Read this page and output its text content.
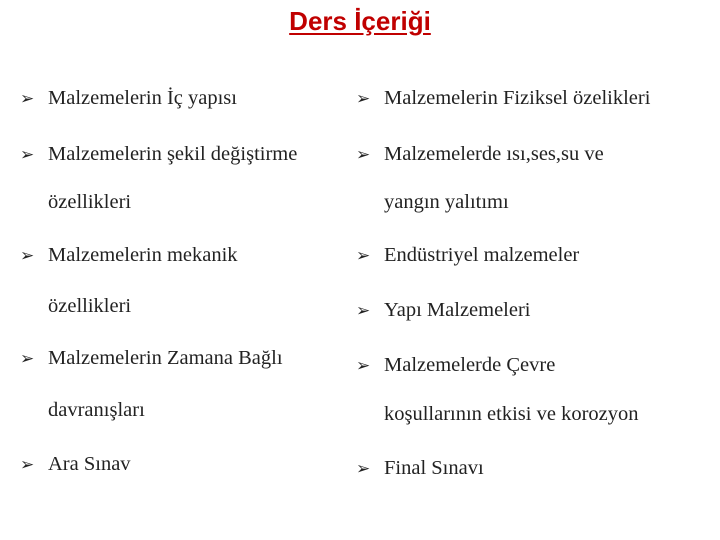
Ders İçeriği
➢ Malzemelerin İç yapısı
➢ Malzemelerin şekil değiştirme
özellikleri
➢ Malzemelerin mekanik
özellikleri
➢ Malzemelerin Zamana Bağlı
davranışları
➢ Ara Sınav
➢ Malzemelerin Fiziksel özelikleri
➢ Malzemelerde ısı,ses,su ve
yangın yalıtımı
➢ Endüstriyel malzemeler
➢ Yapı Malzemeleri
➢ Malzemelerde Çevre
koşullarının etkisi ve korozyon
➢ Final Sınavı
